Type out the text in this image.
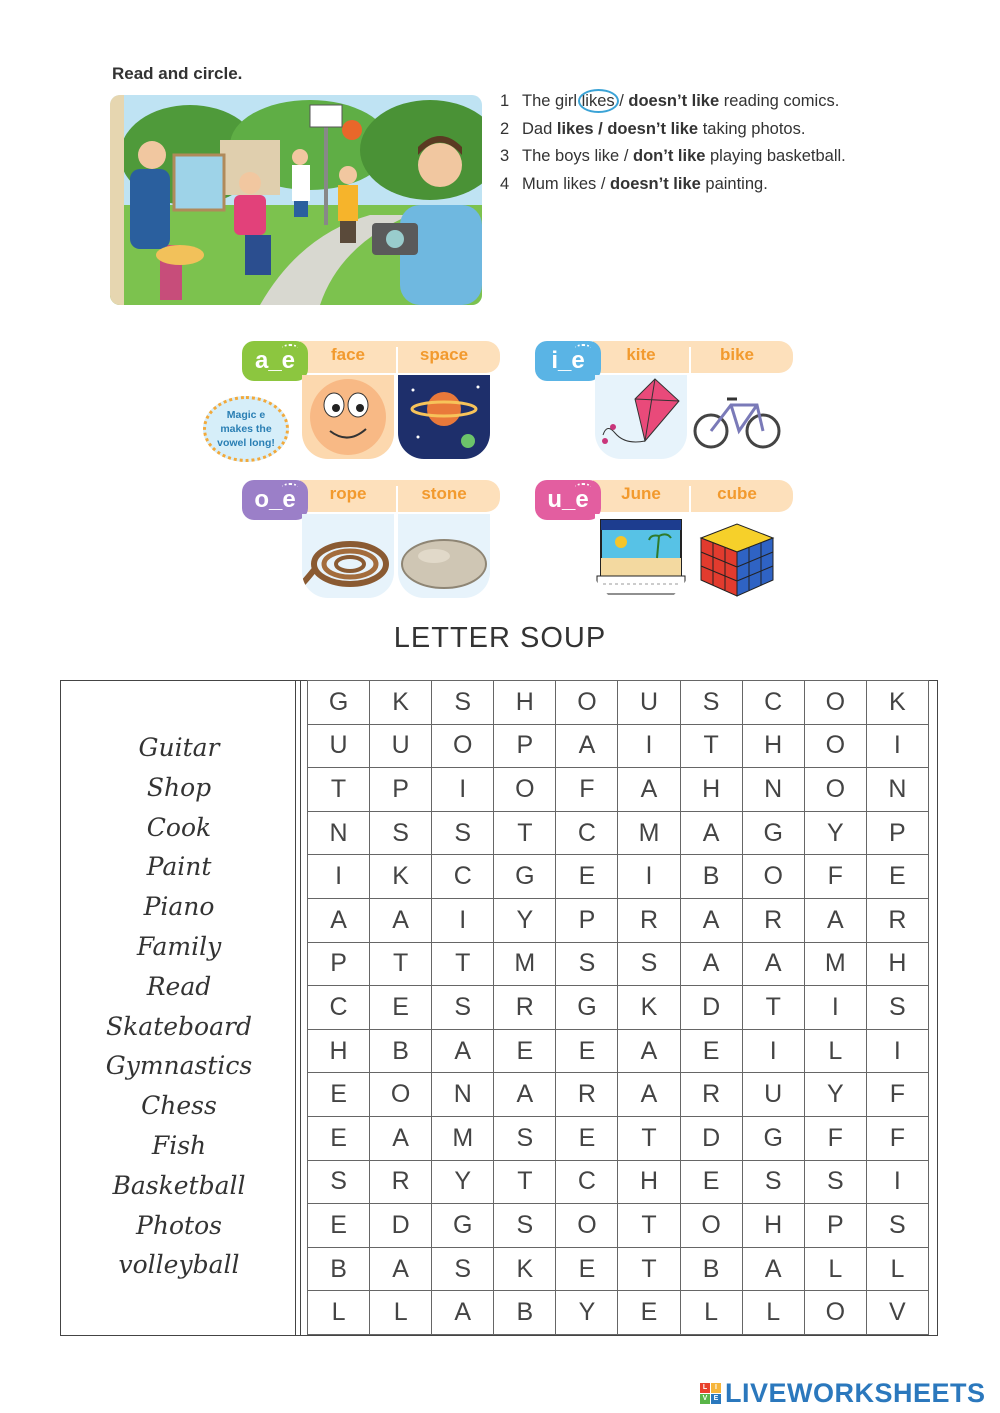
Read and circle.
1 The girl likes / doesn’t like reading comics.
2 Dad likes / doesn’t like taking photos.
3 The boys like / don’t like playing basketball.
4 Mum likes / doesn’t like painting.
a_e	face	space	i_e	kite	bike
o_e	rope	stone	u_e	June	cube
Magic e makes the vowel long!
LETTER SOUP
Guitar
Shop
Cook
Paint
Piano
Family
Read
Skateboard
Gymnastics
Chess
Fish
Basketball
Photos
volleyball
G	K	S	H	O	U	S	C	O	K
U	U	O	P	A	I	T	H	O	I
T	P	I	O	F	A	H	N	O	N
N	S	S	T	C	M	A	G	Y	P
I	K	C	G	E	I	B	O	F	E
A	A	I	Y	P	R	A	R	A	R
P	T	T	M	S	S	A	A	M	H
C	E	S	R	G	K	D	T	I	S
H	B	A	E	E	A	E	I	L	I
E	O	N	A	R	A	R	U	Y	F
E	A	M	S	E	T	D	G	F	F
S	R	Y	T	C	H	E	S	S	I
E	D	G	S	O	T	O	H	P	S
B	A	S	K	E	T	B	A	L	L
L	L	A	B	Y	E	L	L	O	V
L	I
V E LIVEWORKSHEETS
